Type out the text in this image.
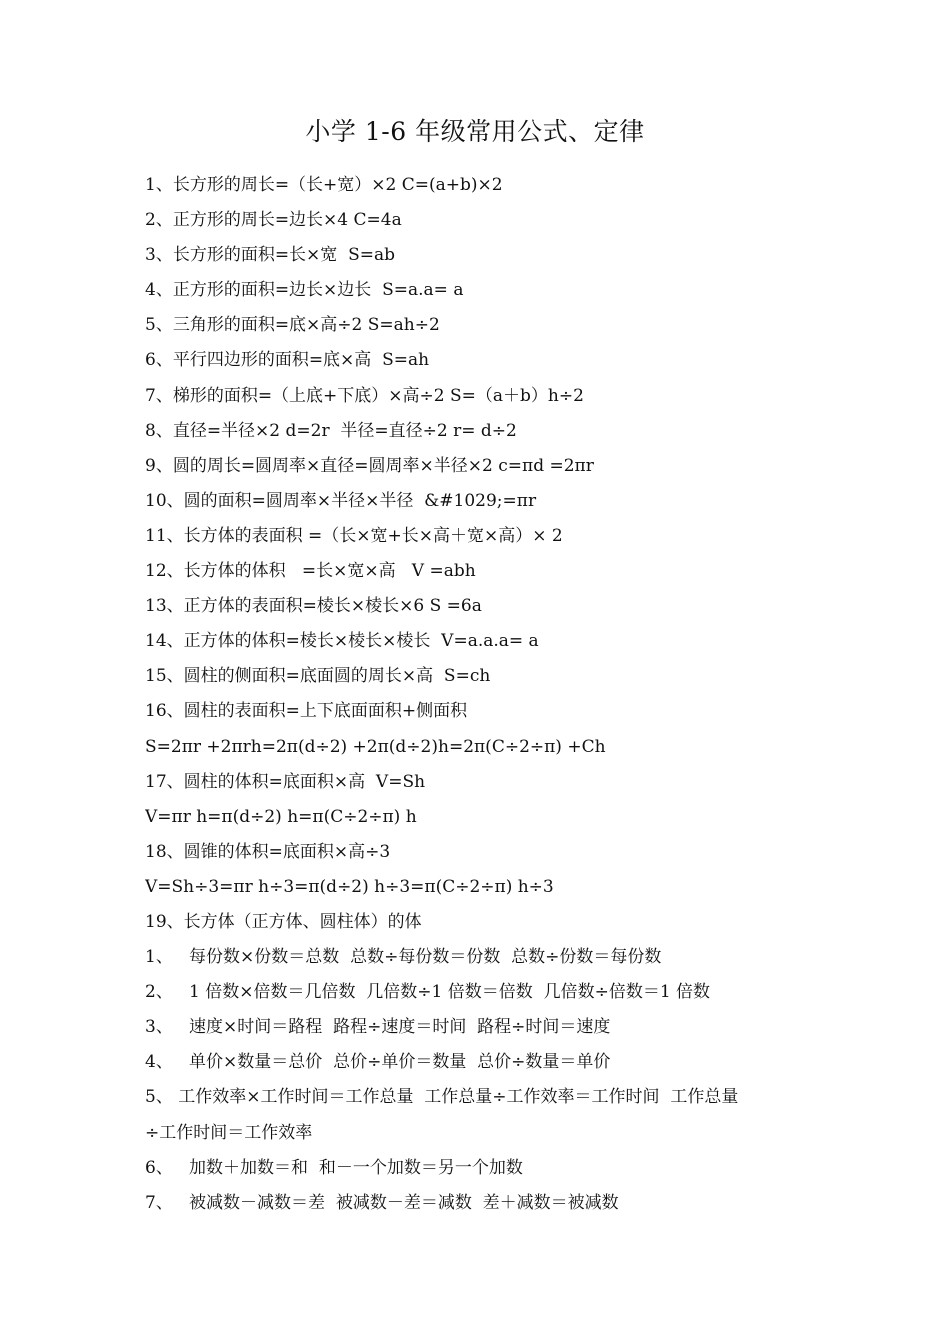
小学 1-6 年级常用公式、定律
1、长方形的周长=（长+宽）×2 C=(a+b)×2
2、正方形的周长=边长×4 C=4a
3、长方形的面积=长×宽  S=ab
4、正方形的面积=边长×边长  S=a.a= a
5、三角形的面积=底×高÷2 S=ah÷2
6、平行四边形的面积=底×高  S=ah
7、梯形的面积=（上底+下底）×高÷2 S=（a＋b）h÷2
8、直径=半径×2 d=2r  半径=直径÷2 r= d÷2
9、圆的周长=圆周率×直径=圆周率×半径×2 c=πd =2πr
10、圆的面积=圆周率×半径×半径  &#1029;=πr
11、长方体的表面积 =（长×宽+长×高＋宽×高）× 2
12、长方体的体积   =长×宽×高   V =abh
13、正方体的表面积=棱长×棱长×6 S =6a
14、正方体的体积=棱长×棱长×棱长  V=a.a.a= a
15、圆柱的侧面积=底面圆的周长×高  S=ch
16、圆柱的表面积=上下底面面积+侧面积
S=2πr +2πrh=2π(d÷2) +2π(d÷2)h=2π(C÷2÷π) +Ch
17、圆柱的体积=底面积×高  V=Sh
V=πr h=π(d÷2) h=π(C÷2÷π) h
18、圆锥的体积=底面积×高÷3
V=Sh÷3=πr h÷3=π(d÷2) h÷3=π(C÷2÷π) h÷3
19、长方体（正方体、圆柱体）的体
1、   每份数×份数＝总数  总数÷每份数＝份数  总数÷份数＝每份数
2、   1 倍数×倍数＝几倍数  几倍数÷1 倍数＝倍数  几倍数÷倍数＝1 倍数
3、   速度×时间＝路程  路程÷速度＝时间  路程÷时间＝速度
4、   单价×数量＝总价  总价÷单价＝数量  总价÷数量＝单价
5、 工作效率×工作时间＝工作总量  工作总量÷工作效率＝工作时间  工作总量
÷工作时间＝工作效率
6、   加数＋加数＝和  和－一个加数＝另一个加数
7、   被减数－减数＝差  被减数－差＝减数  差＋减数＝被减数
